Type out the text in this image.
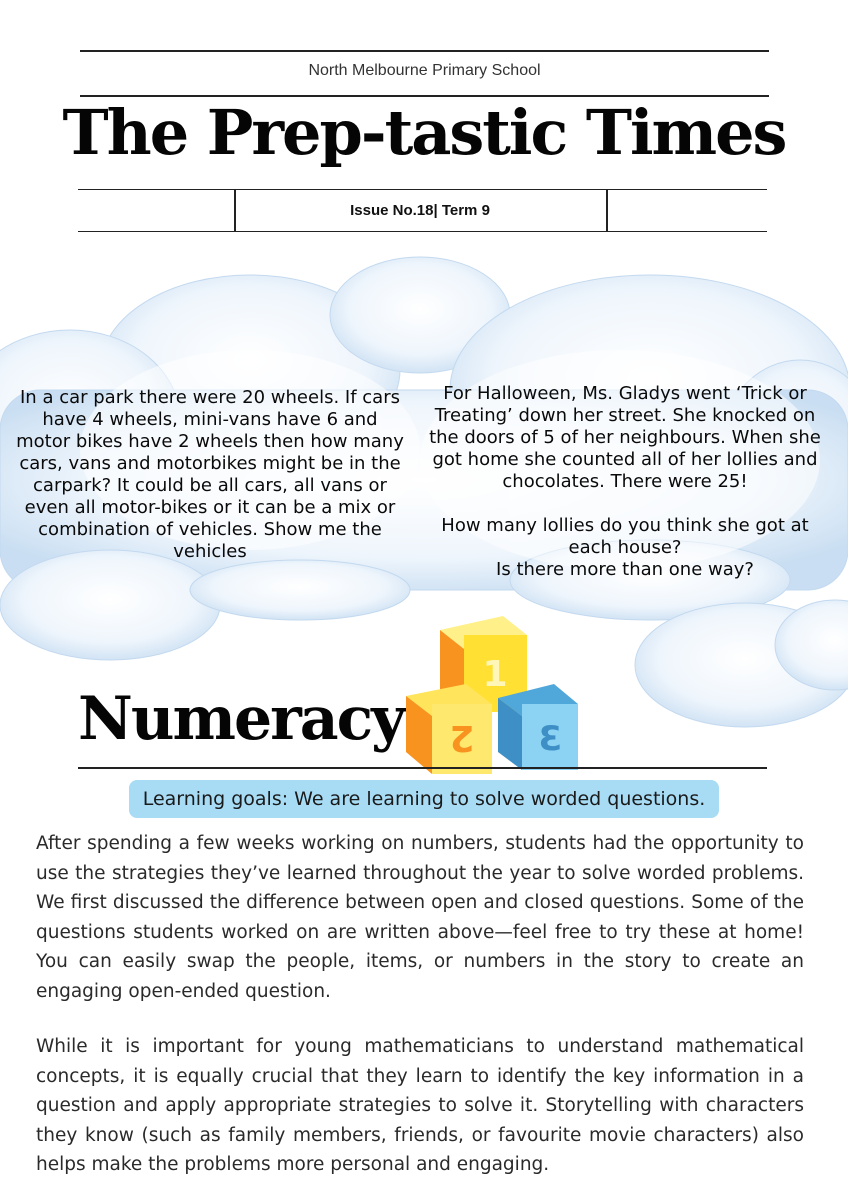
North Melbourne Primary School
The Prep-tastic Times
Issue No.18| Term 9
In a car park there were 20 wheels. If cars have 4 wheels, mini-vans have 6 and motor bikes have 2 wheels then how many cars, vans and motorbikes might be in the carpark? It could be all cars, all vans or even all motor-bikes or it can be a mix or combination of vehicles. Show me the vehicles
For Halloween, Ms. Gladys went ‘Trick or Treating’ down her street. She knocked on the doors of 5 of her neighbours. When she got home she counted all of her lollies and chocolates. There were 25!
How many lollies do you think she got at each house?
Is there more than one way?
Numeracy
1
2 3
Learning goals: We are learning to solve worded questions.
After spending a few weeks working on numbers, students had the opportunity to use the strategies they’ve learned throughout the year to solve worded problems. We first discussed the difference between open and closed questions. Some of the questions students worked on are written above—feel free to try these at home! You can easily swap the people, items, or numbers in the story to create an engaging open-ended question.
While it is important for young mathematicians to understand mathematical concepts, it is equally crucial that they learn to identify the key information in a question and apply appropriate strategies to solve it. Storytelling with characters they know (such as family members, friends, or favourite movie characters) also helps make the problems more personal and engaging.
